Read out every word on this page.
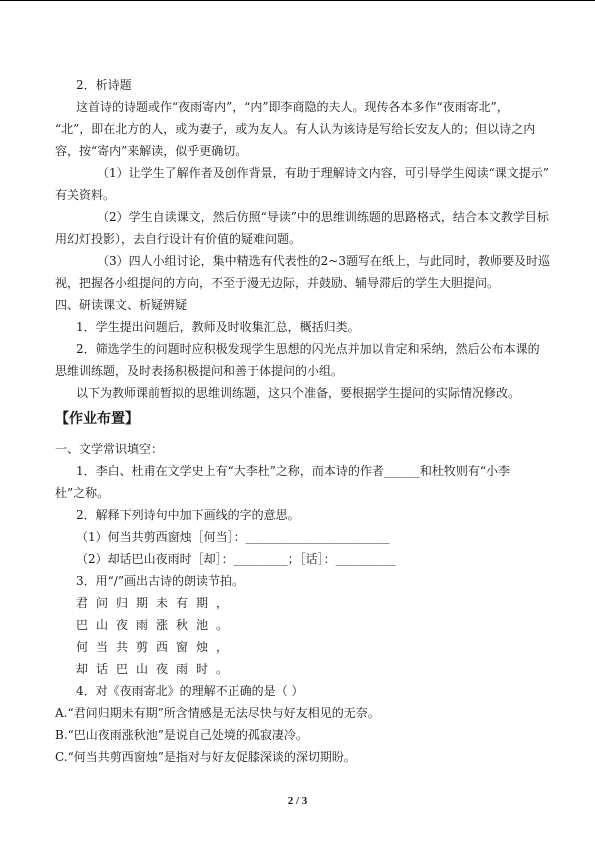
2．析诗题
这首诗的诗题或作“夜雨寄内”，“内”即李商隐的夫人。现传各本多作“夜雨寄北”，
“北”，即在北方的人，或为妻子，或为友人。有人认为该诗是写给长安友人的；但以诗之内
容，按“寄内”来解读，似乎更确切。
（1）让学生了解作者及创作背景，有助于理解诗文内容，可引导学生阅读“课文提示”
有关资料。
（2）学生自读课文，然后仿照“导读”中的思维训练题的思路格式，结合本文教学目标
用幻灯投影），去自行设计有价值的疑难问题。
（3）四人小组讨论，集中精选有代表性的2~3题写在纸上，与此同时，教师要及时巡
视，把握各小组提问的方向，不至于漫无边际，并鼓励、辅导滞后的学生大胆提问。
四、研读课文、析疑辨疑
1．学生提出问题后，教师及时收集汇总，概括归类。
2．筛选学生的问题时应积极发现学生思想的闪光点并加以肯定和采纳，然后公布本课的
思维训练题，及时表扬积极提问和善于体提问的小组。
以下为教师课前暂拟的思维训练题，这只个准备，要根据学生提问的实际情况修改。
【作业布置】
一、文学常识填空：
1．李白、杜甫在文学史上有“大李杜”之称，而本诗的作者______和杜牧则有“小李
杜”之称。
2．解释下列诗句中加下画线的字的意思。
（1）何当共剪西窗烛［何当］：________________________
（2）却话巴山夜雨时［却］：_________；［话］：__________
3．用“/”画出古诗的朗读节拍。
君问归期未有期，
巴山夜雨涨秋池。
何当共剪西窗烛，
却话巴山夜雨时。
4．对《夜雨寄北》的理解不正确的是（ ）
A.“君问归期未有期”所含情感是无法尽快与好友相见的无奈。
B.“巴山夜雨涨秋池”是说自己处境的孤寂凄冷。
C.“何当共剪西窗烛”是指对与好友促膝深谈的深切期盼。
2 / 3
